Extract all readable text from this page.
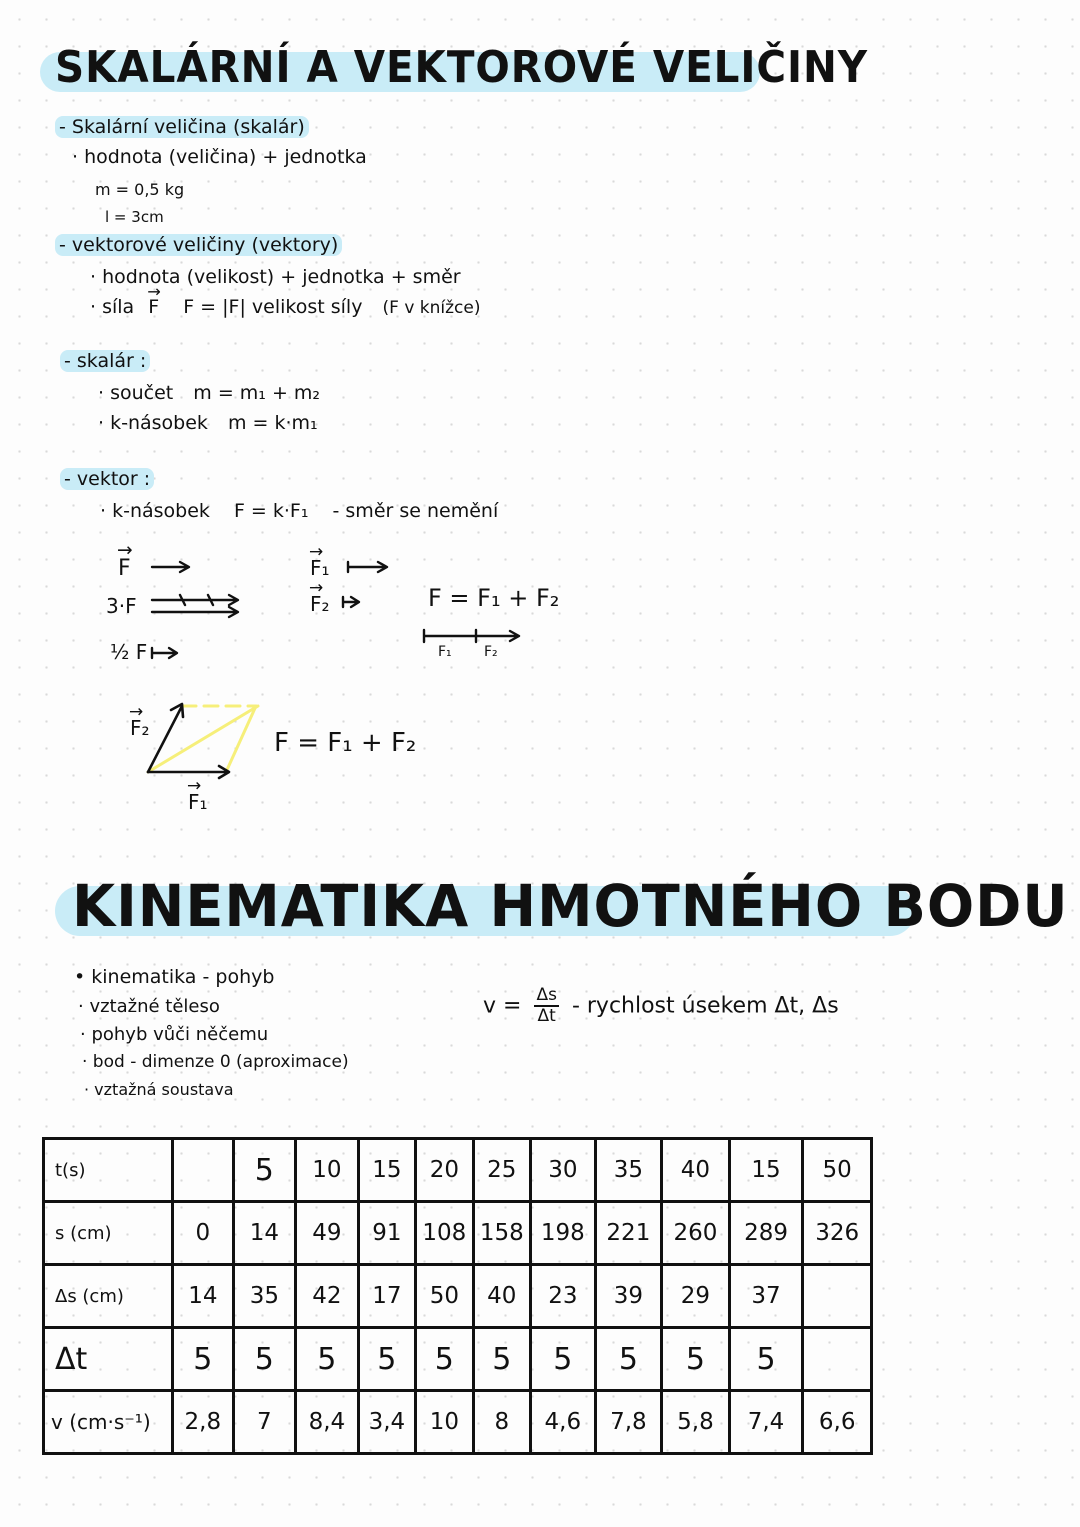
SKALÁRNÍ A VEKTOROVÉ VELIČINY
- Skalární veličina (skalár)
· hodnota (veličina) + jednotka
m = 0,5 kg
l = 3cm
- vektorové veličiny (vektory)
· hodnota (velikost) + jednotka + směr
· síla → F F = |F| velikost síly (F v knížce)
- skalár :
· součet m = m₁ + m₂
· k-násobek m = k·m₁
- vektor :
· k-násobek F = k·F₁ - směr se nemění
→ F
3·F
½ F
→ F₁
→ F₂	F = F₁ + F₂
F₁ F₂
→ F₂
→ F₁
F = F₁ + F₂
KINEMATIKA HMOTNÉHO BODU
• kinematika - pohyb
· vztažné těleso
· pohyb vůči něčemu
· bod - dimenze 0 (aproximace)
· vztažná soustava
$v = \frac{\Delta s}{\Delta t}$ - rychlost úsekem Δt, Δs
t(s)		5	10	15	20	25	30	35	40	15	50
s (cm)	0	14	49	91	108	158	198	221	260	289	326
Δs (cm)	14	35	42	17	50	40	23	39	29	37	
Δt	5	5	5	5	5	5	5	5	5	5	
v (cm·s⁻¹)	2,8	7	8,4	3,4	10	8	4,6	7,8	5,8	7,4	6,6
